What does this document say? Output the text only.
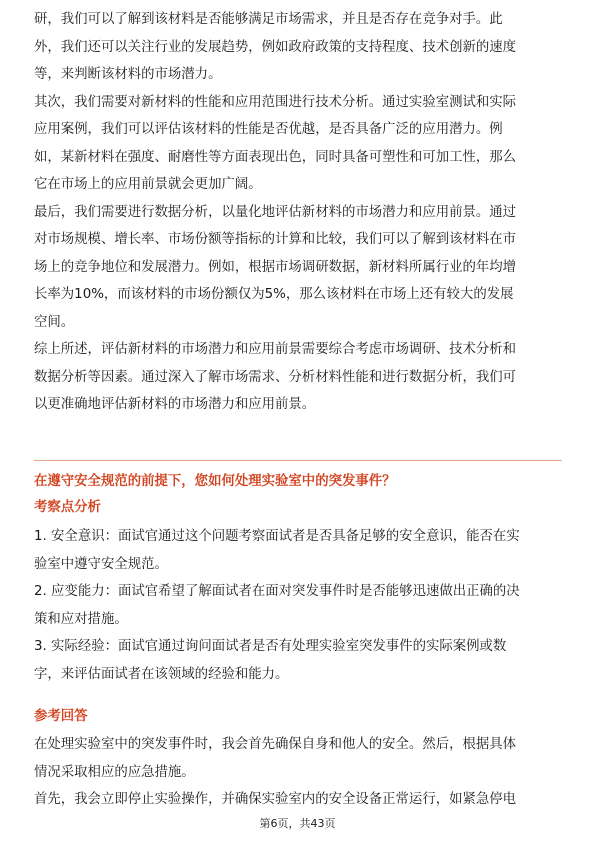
研，我们可以了解到该材料是否能够满足市场需求，并且是否存在竞争对手。此
外，我们还可以关注行业的发展趋势，例如政府政策的支持程度、技术创新的速度
等，来判断该材料的市场潜力。
其次，我们需要对新材料的性能和应用范围进行技术分析。通过实验室测试和实际
应用案例，我们可以评估该材料的性能是否优越，是否具备广泛的应用潜力。例
如，某新材料在强度、耐磨性等方面表现出色，同时具备可塑性和可加工性，那么
它在市场上的应用前景就会更加广阔。
最后，我们需要进行数据分析，以量化地评估新材料的市场潜力和应用前景。通过
对市场规模、增长率、市场份额等指标的计算和比较，我们可以了解到该材料在市
场上的竞争地位和发展潜力。例如，根据市场调研数据，新材料所属行业的年均增
长率为10%，而该材料的市场份额仅为5%，那么该材料在市场上还有较大的发展
空间。
综上所述，评估新材料的市场潜力和应用前景需要综合考虑市场调研、技术分析和
数据分析等因素。通过深入了解市场需求、分析材料性能和进行数据分析，我们可
以更准确地评估新材料的市场潜力和应用前景。
在遵守安全规范的前提下，您如何处理实验室中的突发事件？
考察点分析
1. 安全意识：面试官通过这个问题考察面试者是否具备足够的安全意识，能否在实
验室中遵守安全规范。
2. 应变能力：面试官希望了解面试者在面对突发事件时是否能够迅速做出正确的决
策和应对措施。
3. 实际经验：面试官通过询问面试者是否有处理实验室突发事件的实际案例或数
字，来评估面试者在该领域的经验和能力。
参考回答
在处理实验室中的突发事件时，我会首先确保自身和他人的安全。然后，根据具体
情况采取相应的应急措施。
首先，我会立即停止实验操作，并确保实验室内的安全设备正常运行，如紧急停电
第6页，共43页
